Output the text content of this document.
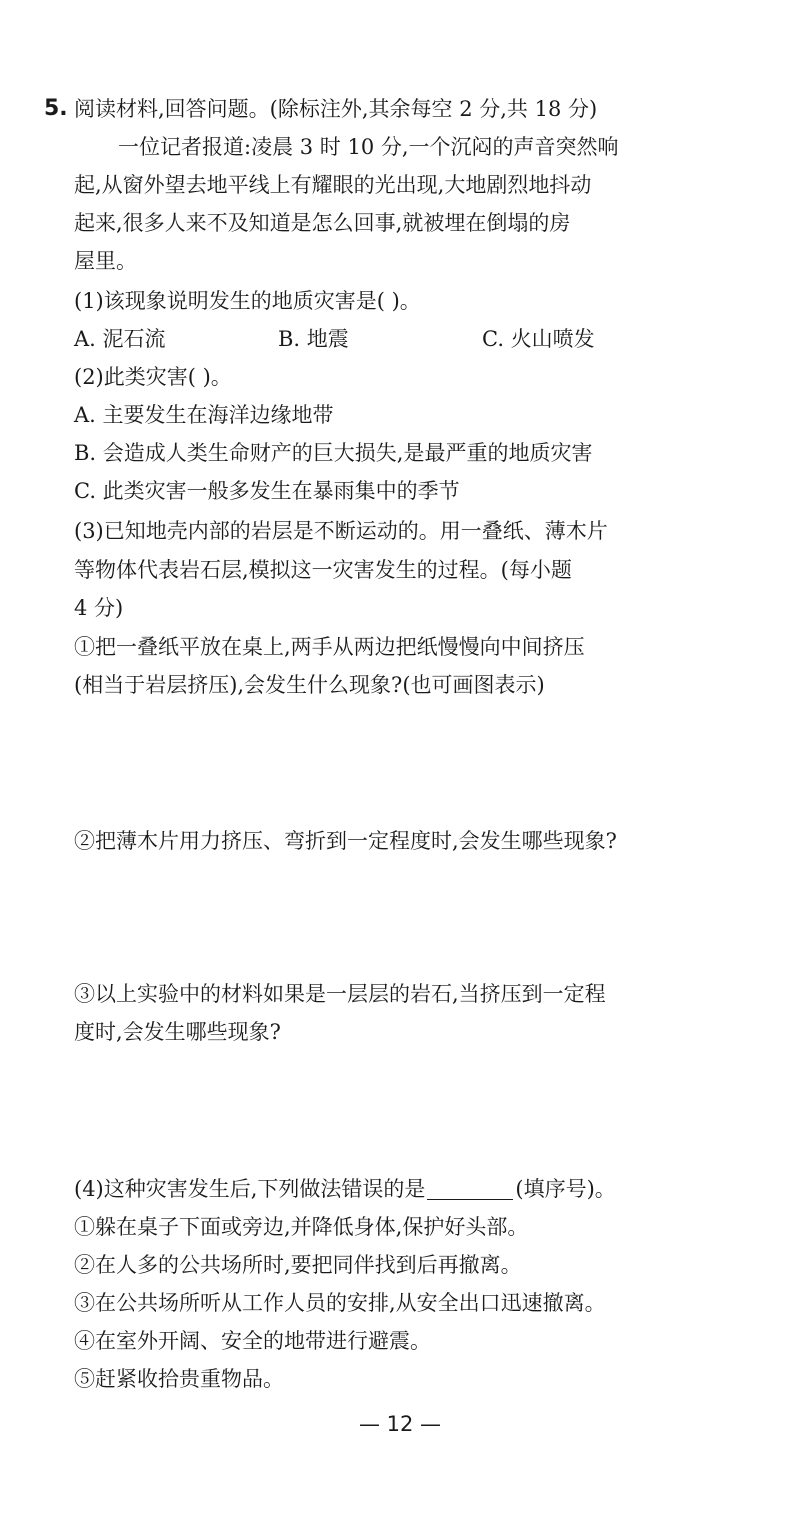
5. 阅读材料,回答问题。(除标注外,其余每空 2 分,共 18 分)

一位记者报道:凌晨 3 时 10 分,一个沉闷的声音突然响

起,从窗外望去地平线上有耀眼的光出现,大地剧烈地抖动

起来,很多人来不及知道是怎么回事,就被埋在倒塌的房

屋里。

(1)该现象说明发生的地质灾害是( )。

A. 泥石流	B. 地震	C. 火山喷发

(2)此类灾害( )。

A. 主要发生在海洋边缘地带

B. 会造成人类生命财产的巨大损失,是最严重的地质灾害

C. 此类灾害一般多发生在暴雨集中的季节

(3)已知地壳内部的岩层是不断运动的。用一叠纸、薄木片

等物体代表岩石层,模拟这一灾害发生的过程。(每小题

4 分)

①把一叠纸平放在桌上,两手从两边把纸慢慢向中间挤压

(相当于岩层挤压),会发生什么现象?(也可画图表示)

②把薄木片用力挤压、弯折到一定程度时,会发生哪些现象?

③以上实验中的材料如果是一层层的岩石,当挤压到一定程

度时,会发生哪些现象?

(4)这种灾害发生后,下列做法错误的是	(填序号)。

①躲在桌子下面或旁边,并降低身体,保护好头部。

②在人多的公共场所时,要把同伴找到后再撤离。

③在公共场所听从工作人员的安排,从安全出口迅速撤离。

④在室外开阔、安全的地带进行避震。

⑤赶紧收拾贵重物品。

— 12 —
